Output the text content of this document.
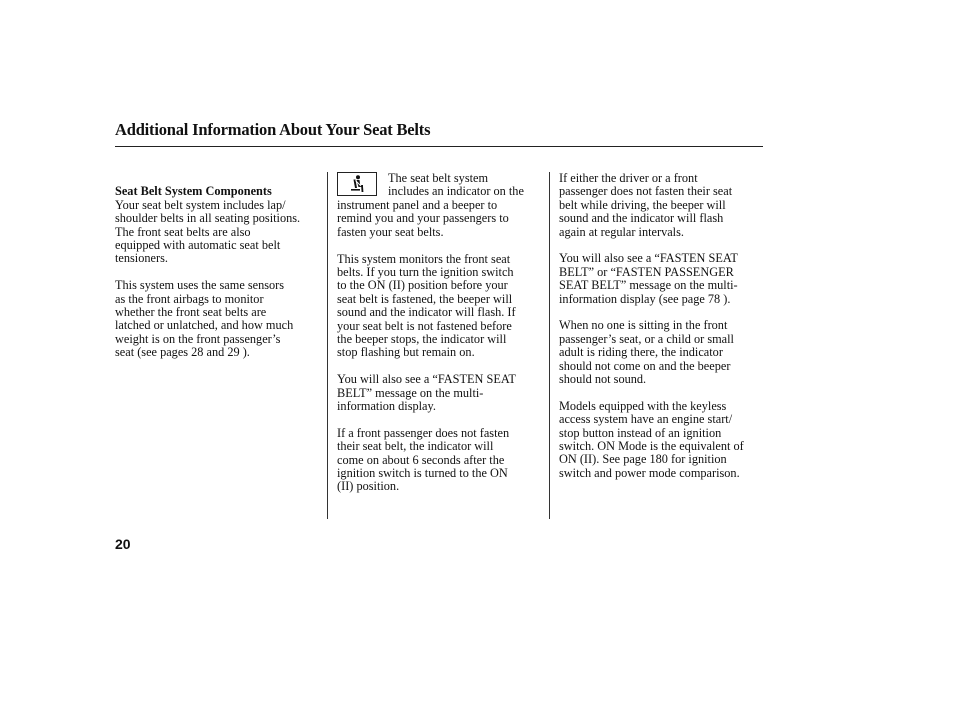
Additional Information About Your Seat Belts

Seat Belt System Components
Your seat belt system includes lap/
shoulder belts in all seating positions.
The front seat belts are also
equipped with automatic seat belt
tensioners.

This system uses the same sensors
as the front airbags to monitor
whether the front seat belts are
latched or unlatched, and how much
weight is on the front passenger’s
seat (see pages 28 and 29 ).

The seat belt system
includes an indicator on the

instrument panel and a beeper to
remind you and your passengers to
fasten your seat belts.

This system monitors the front seat
belts. If you turn the ignition switch
to the ON (II) position before your
seat belt is fastened, the beeper will
sound and the indicator will flash. If
your seat belt is not fastened before
the beeper stops, the indicator will
stop flashing but remain on.

You will also see a “FASTEN SEAT
BELT” message on the multi-
information display.

If a front passenger does not fasten
their seat belt, the indicator will
come on about 6 seconds after the
ignition switch is turned to the ON
(II) position.

If either the driver or a front
passenger does not fasten their seat
belt while driving, the beeper will
sound and the indicator will flash
again at regular intervals.

You will also see a “FASTEN SEAT
BELT” or “FASTEN PASSENGER
SEAT BELT” message on the multi-
information display (see page 78 ).

When no one is sitting in the front
passenger’s seat, or a child or small
adult is riding there, the indicator
should not come on and the beeper
should not sound.

Models equipped with the keyless
access system have an engine start/
stop button instead of an ignition
switch. ON Mode is the equivalent of
ON (II). See page 180 for ignition
switch and power mode comparison.

20
